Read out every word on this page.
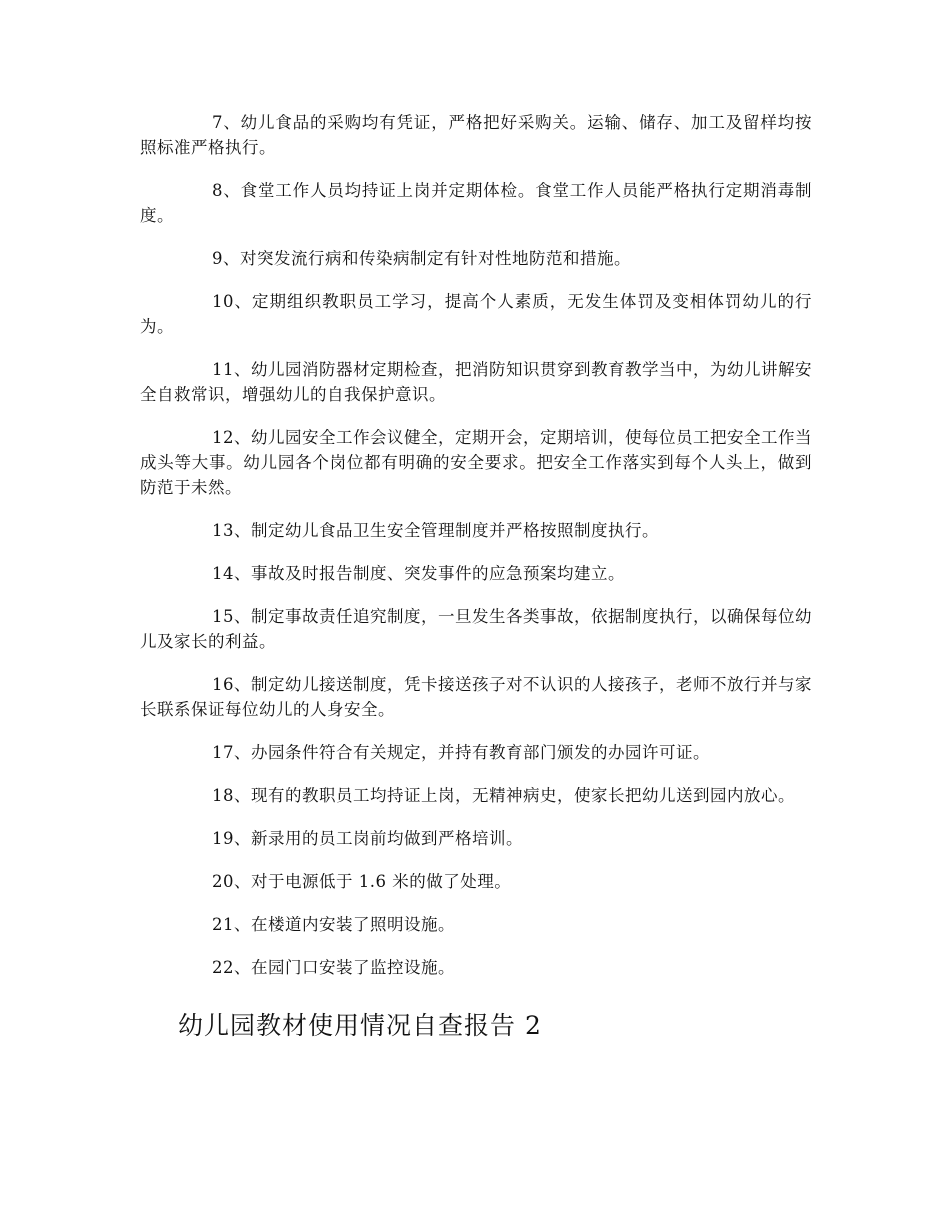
7、幼儿食品的采购均有凭证，严格把好采购关。运输、储存、加工及留样均按照标准严格执行。

8、食堂工作人员均持证上岗并定期体检。食堂工作人员能严格执行定期消毒制度。

9、对突发流行病和传染病制定有针对性地防范和措施。

10、定期组织教职员工学习，提高个人素质，无发生体罚及变相体罚幼儿的行为。

11、幼儿园消防器材定期检查，把消防知识贯穿到教育教学当中，为幼儿讲解安全自救常识，增强幼儿的自我保护意识。

12、幼儿园安全工作会议健全，定期开会，定期培训，使每位员工把安全工作当成头等大事。幼儿园各个岗位都有明确的安全要求。把安全工作落实到每个人头上，做到防范于未然。

13、制定幼儿食品卫生安全管理制度并严格按照制度执行。

14、事故及时报告制度、突发事件的应急预案均建立。

15、制定事故责任追究制度，一旦发生各类事故，依据制度执行，以确保每位幼儿及家长的利益。

16、制定幼儿接送制度，凭卡接送孩子对不认识的人接孩子，老师不放行并与家长联系保证每位幼儿的人身安全。

17、办园条件符合有关规定，并持有教育部门颁发的办园许可证。

18、现有的教职员工均持证上岗，无精神病史，使家长把幼儿送到园内放心。

19、新录用的员工岗前均做到严格培训。

20、对于电源低于 1.6 米的做了处理。

21、在楼道内安装了照明设施。

22、在园门口安装了监控设施。

幼儿园教材使用情况自查报告 2
